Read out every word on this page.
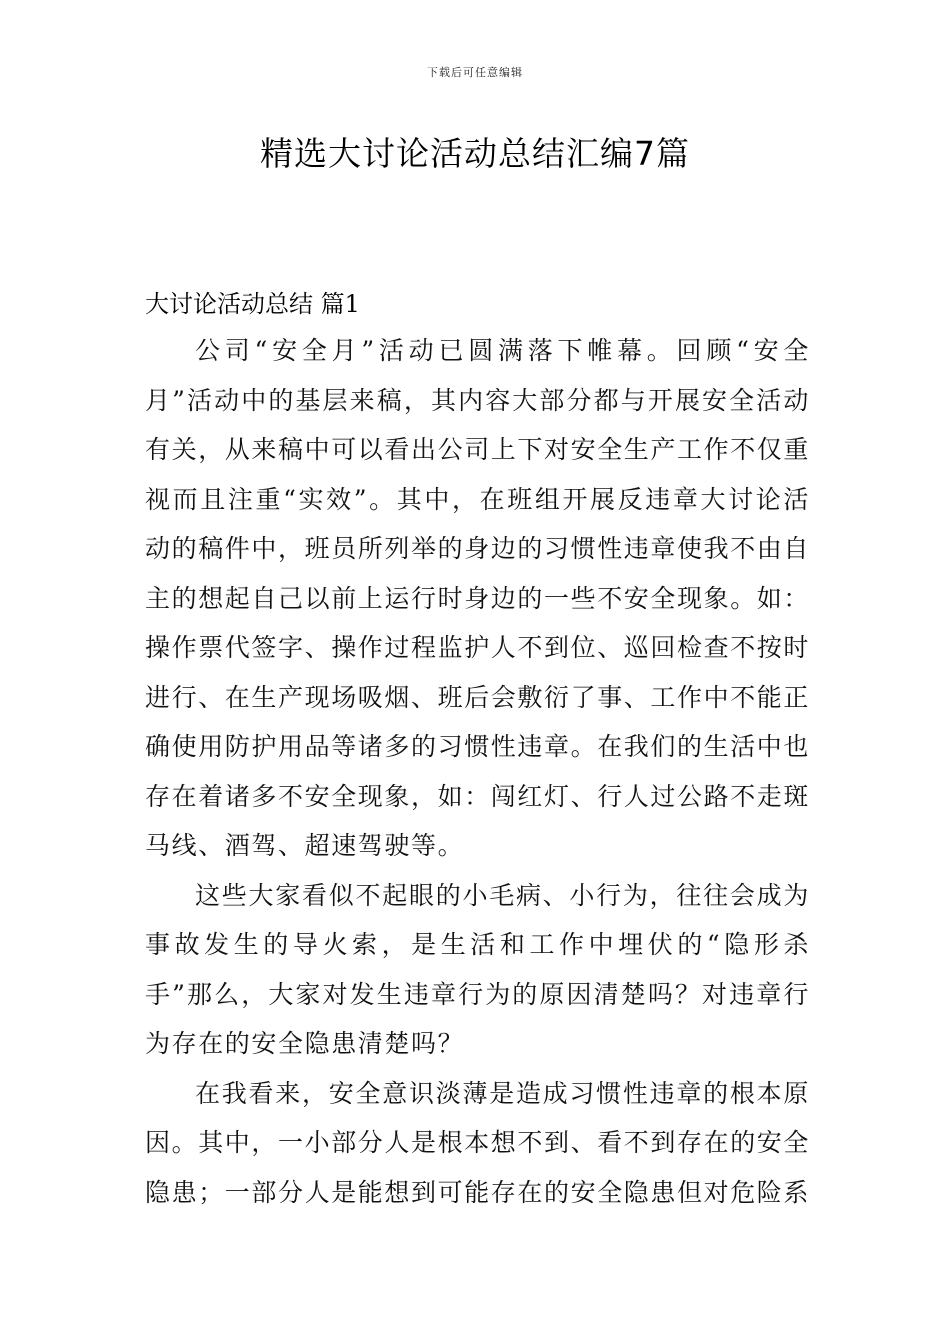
下载后可任意编辑
精选大讨论活动总结汇编7篇
大讨论活动总结 篇1

公司“安全月”活动已圆满落下帷幕。回顾“安全月”活动中的基层来稿，其内容大部分都与开展安全活动有关，从来稿中可以看出公司上下对安全生产工作不仅重视而且注重“实效”。其中，在班组开展反违章大讨论活动的稿件中，班员所列举的身边的习惯性违章使我不由自主的想起自己以前上运行时身边的一些不安全现象。如：操作票代签字、操作过程监护人不到位、巡回检查不按时进行、在生产现场吸烟、班后会敷衍了事、工作中不能正确使用防护用品等诸多的习惯性违章。在我们的生活中也存在着诸多不安全现象，如：闯红灯、行人过公路不走斑马线、酒驾、超速驾驶等。

这些大家看似不起眼的小毛病、小行为，往往会成为事故发生的导火索，是生活和工作中埋伏的“隐形杀手”那么，大家对发生违章行为的原因清楚吗？对违章行为存在的安全隐患清楚吗？

在我看来，安全意识淡薄是造成习惯性违章的根本原因。其中，一小部分人是根本想不到、看不到存在的安全隐患；一部分人是能想到可能存在的安全隐患但对危险系
